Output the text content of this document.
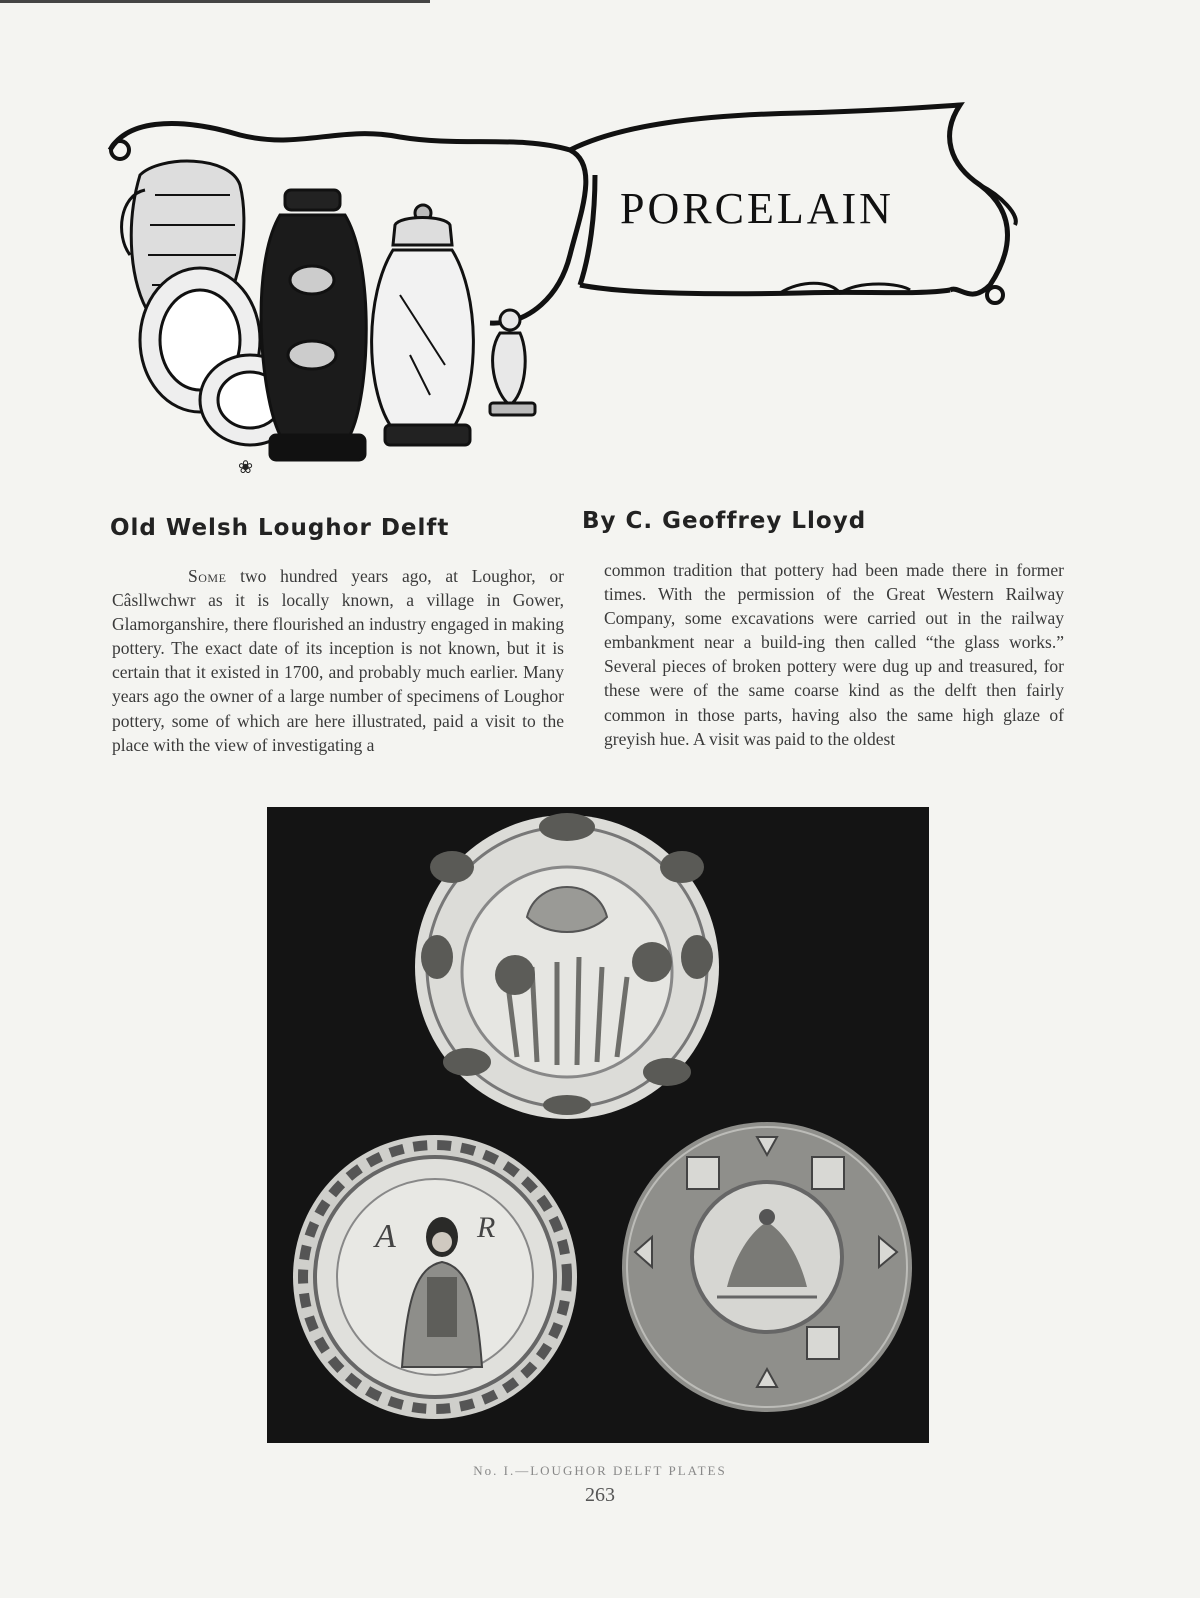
PORCELAIN
❀
Old Welsh Loughor Delft	By C. Geoffrey Lloyd

Some two hundred years ago, at Loughor, or Câsllwchwr as it is locally known, a village in Gower, Glamorganshire, there flourished an industry engaged in making pottery. The exact date of its inception is not known, but it is certain that it existed in 1700, and probably much earlier. Many years ago the owner of a large number of specimens of Loughor pottery, some of which are here illustrated, paid a visit to the place with the view of investigating a

common tradition that pottery had been made there in former times. With the permission of the Great Western Railway Company, some excavations were carried out in the railway embankment near a build-ing then called “the glass works.” Several pieces of broken pottery were dug up and treasured, for these were of the same coarse kind as the delft then fairly common in those parts, having also the same high glaze of greyish hue. A visit was paid to the oldest

A	R

No. I.—LOUGHOR DELFT PLATES

263
